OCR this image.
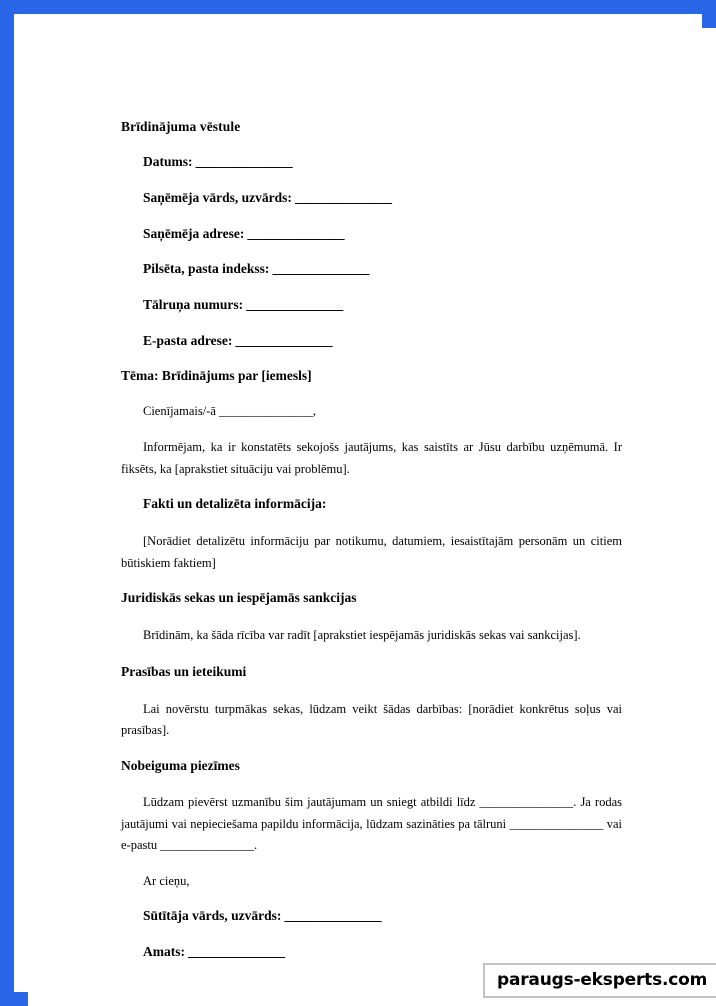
Brīdinājuma vēstule
Datums: _______________
Saņēmēja vārds, uzvārds: _______________
Saņēmēja adrese: _______________
Pilsēta, pasta indekss: _______________
Tālruņa numurs: _______________
E-pasta adrese: _______________
Tēma: Brīdinājums par [iemesls]
Cienījamais/-ā _______________,
Informējam, ka ir konstatēts sekojošs jautājums, kas saistīts ar Jūsu darbību uzņēmumā. Ir fiksēts, ka [aprakstiet situāciju vai problēmu].
Fakti un detalizēta informācija:
[Norādiet detalizētu informāciju par notikumu, datumiem, iesaistītajām personām un citiem būtiskiem faktiem]
Juridiskās sekas un iespējamās sankcijas
Brīdinām, ka šāda rīcība var radīt [aprakstiet iespējamās juridiskās sekas vai sankcijas].
Prasības un ieteikumi
Lai novērstu turpmākas sekas, lūdzam veikt šādas darbības: [norādiet konkrētus soļus vai prasības].
Nobeiguma piezīmes
Lūdzam pievērst uzmanību šim jautājumam un sniegt atbildi līdz _______________. Ja rodas jautājumi vai nepieciešama papildu informācija, lūdzam sazināties pa tālruni _______________ vai e-pastu _______________.
Ar cieņu,
Sūtītāja vārds, uzvārds: _______________
Amats: _______________
paraugs-eksperts.com
